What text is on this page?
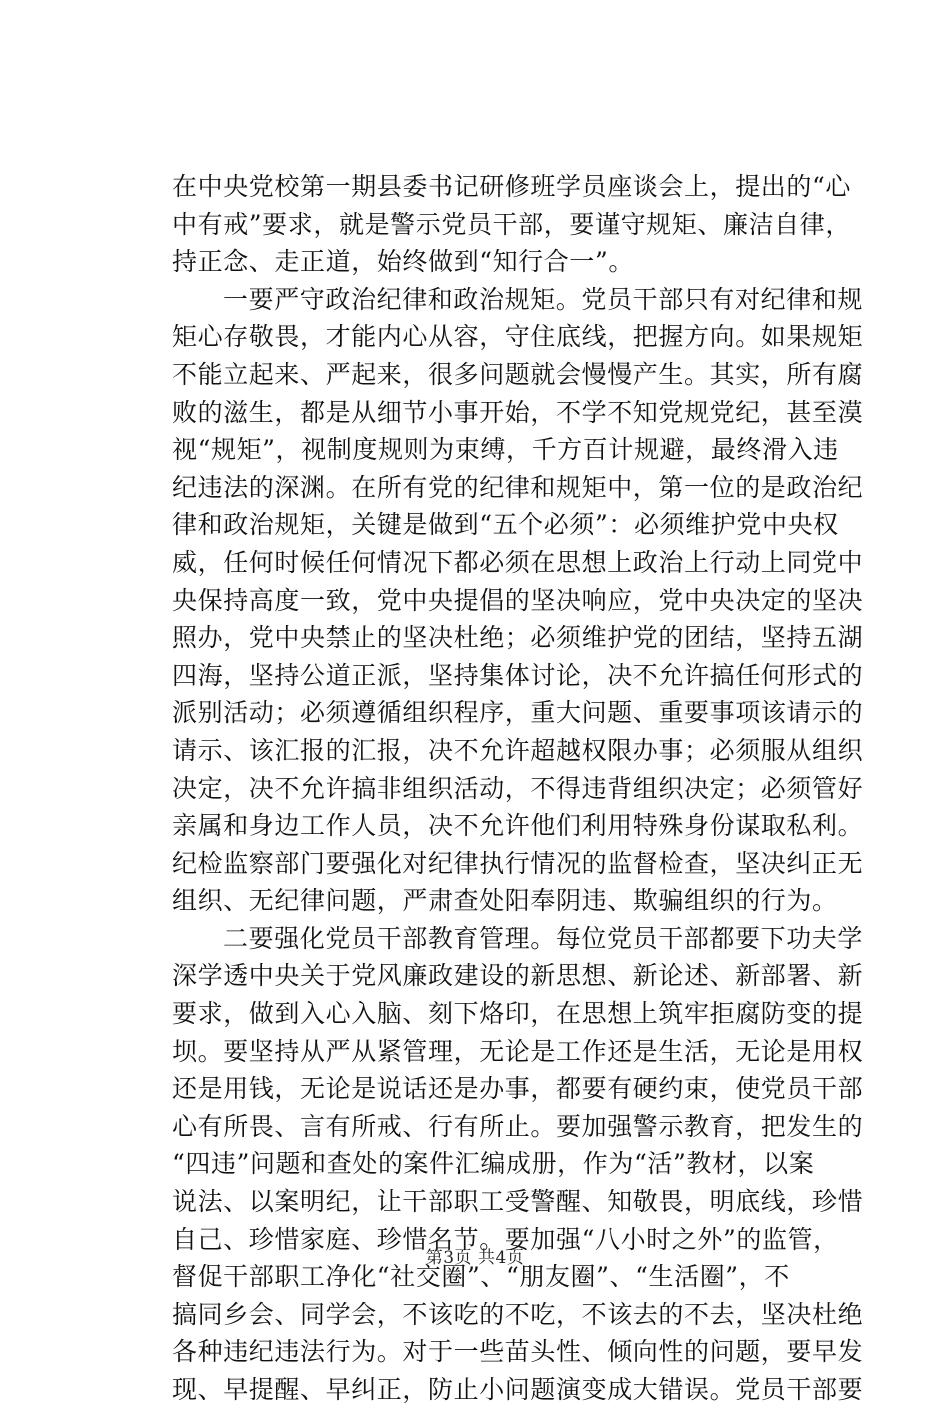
在中央党校第一期县委书记研修班学员座谈会上，提出的“心
中有戒”要求，就是警示党员干部，要谨守规矩、廉洁自律，
持正念、走正道，始终做到“知行合一”。
一要严守政治纪律和政治规矩。党员干部只有对纪律和规
矩心存敬畏，才能内心从容，守住底线，把握方向。如果规矩
不能立起来、严起来，很多问题就会慢慢产生。其实，所有腐
败的滋生，都是从细节小事开始，不学不知党规党纪，甚至漠
视“规矩”，视制度规则为束缚，千方百计规避，最终滑入违
纪违法的深渊。在所有党的纪律和规矩中，第一位的是政治纪
律和政治规矩，关键是做到“五个必须”：必须维护党中央权
威，任何时候任何情况下都必须在思想上政治上行动上同党中
央保持高度一致，党中央提倡的坚决响应，党中央决定的坚决
照办，党中央禁止的坚决杜绝；必须维护党的团结，坚持五湖
四海，坚持公道正派，坚持集体讨论，决不允许搞任何形式的
派别活动；必须遵循组织程序，重大问题、重要事项该请示的
请示、该汇报的汇报，决不允许超越权限办事；必须服从组织
决定，决不允许搞非组织活动，不得违背组织决定；必须管好
亲属和身边工作人员，决不允许他们利用特殊身份谋取私利。
纪检监察部门要强化对纪律执行情况的监督检查，坚决纠正无
组织、无纪律问题，严肃查处阳奉阴违、欺骗组织的行为。
二要强化党员干部教育管理。每位党员干部都要下功夫学
深学透中央关于党风廉政建设的新思想、新论述、新部署、新
要求，做到入心入脑、刻下烙印，在思想上筑牢拒腐防变的提
坝。要坚持从严从紧管理，无论是工作还是生活，无论是用权
还是用钱，无论是说话还是办事，都要有硬约束，使党员干部
心有所畏、言有所戒、行有所止。要加强警示教育，把发生的
“四违”问题和查处的案件汇编成册，作为“活”教材，以案
说法、以案明纪，让干部职工受警醒、知敬畏，明底线，珍惜
自己、珍惜家庭、珍惜名节。要加强“八小时之外”的监管，
督促干部职工净化“社交圈”、“朋友圈”、“生活圈”，不
搞同乡会、同学会，不该吃的不吃，不该去的不去，坚决杜绝
各种违纪违法行为。对于一些苗头性、倾向性的问题，要早发
现、早提醒、早纠正，防止小问题演变成大错误。党员干部要
第3页 共4页
